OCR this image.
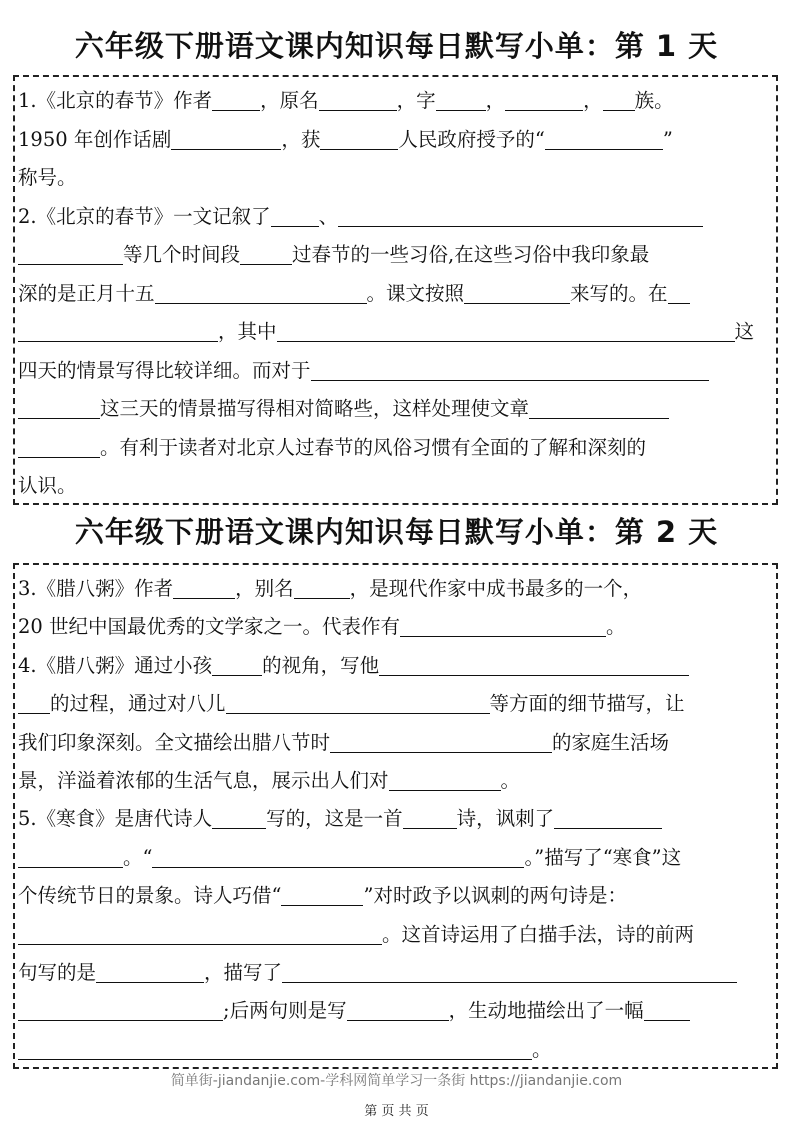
六年级下册语文课内知识每日默写小单：第 1 天
1.《北京的春节》作者 ，原名	，字	，	， 族。
1950 年创作话剧	，获	人民政府授予的“	”
称号。
2.《北京的春节》一文记叙了 、
等几个时间段	过春节的一些习俗,在这些习俗中我印象最
深的是正月十五	。课文按照	来写的。在
，其中	这
四天的情景写得比较详细。而对于
这三天的情景描写得相对简略些，这样处理使文章
。有利于读者对北京人过春节的风俗习惯有全面的了解和深刻的
认识。
六年级下册语文课内知识每日默写小单：第 2 天
3.《腊八粥》作者	，别名	，是现代作家中成书最多的一个，
20 世纪中国最优秀的文学家之一。代表作有	。
4.《腊八粥》通过小孩	的视角，写他
的过程，通过对八儿	等方面的细节描写，让
我们印象深刻。全文描绘出腊八节时	的家庭生活场
景，洋溢着浓郁的生活气息，展示出人们对	。
5.《寒食》是唐代诗人	写的，这是一首	诗，讽刺了
。“	。”描写了“寒食”这
个传统节日的景象。诗人巧借“	”对时政予以讽刺的两句诗是：
。这首诗运用了白描手法，诗的前两
句写的是	，描写了
;后两句则是写	，生动地描绘出了一幅
。
简单街-jiandanjie.com-学科网简单学习一条街 https://jiandanjie.com
第 页 共 页
